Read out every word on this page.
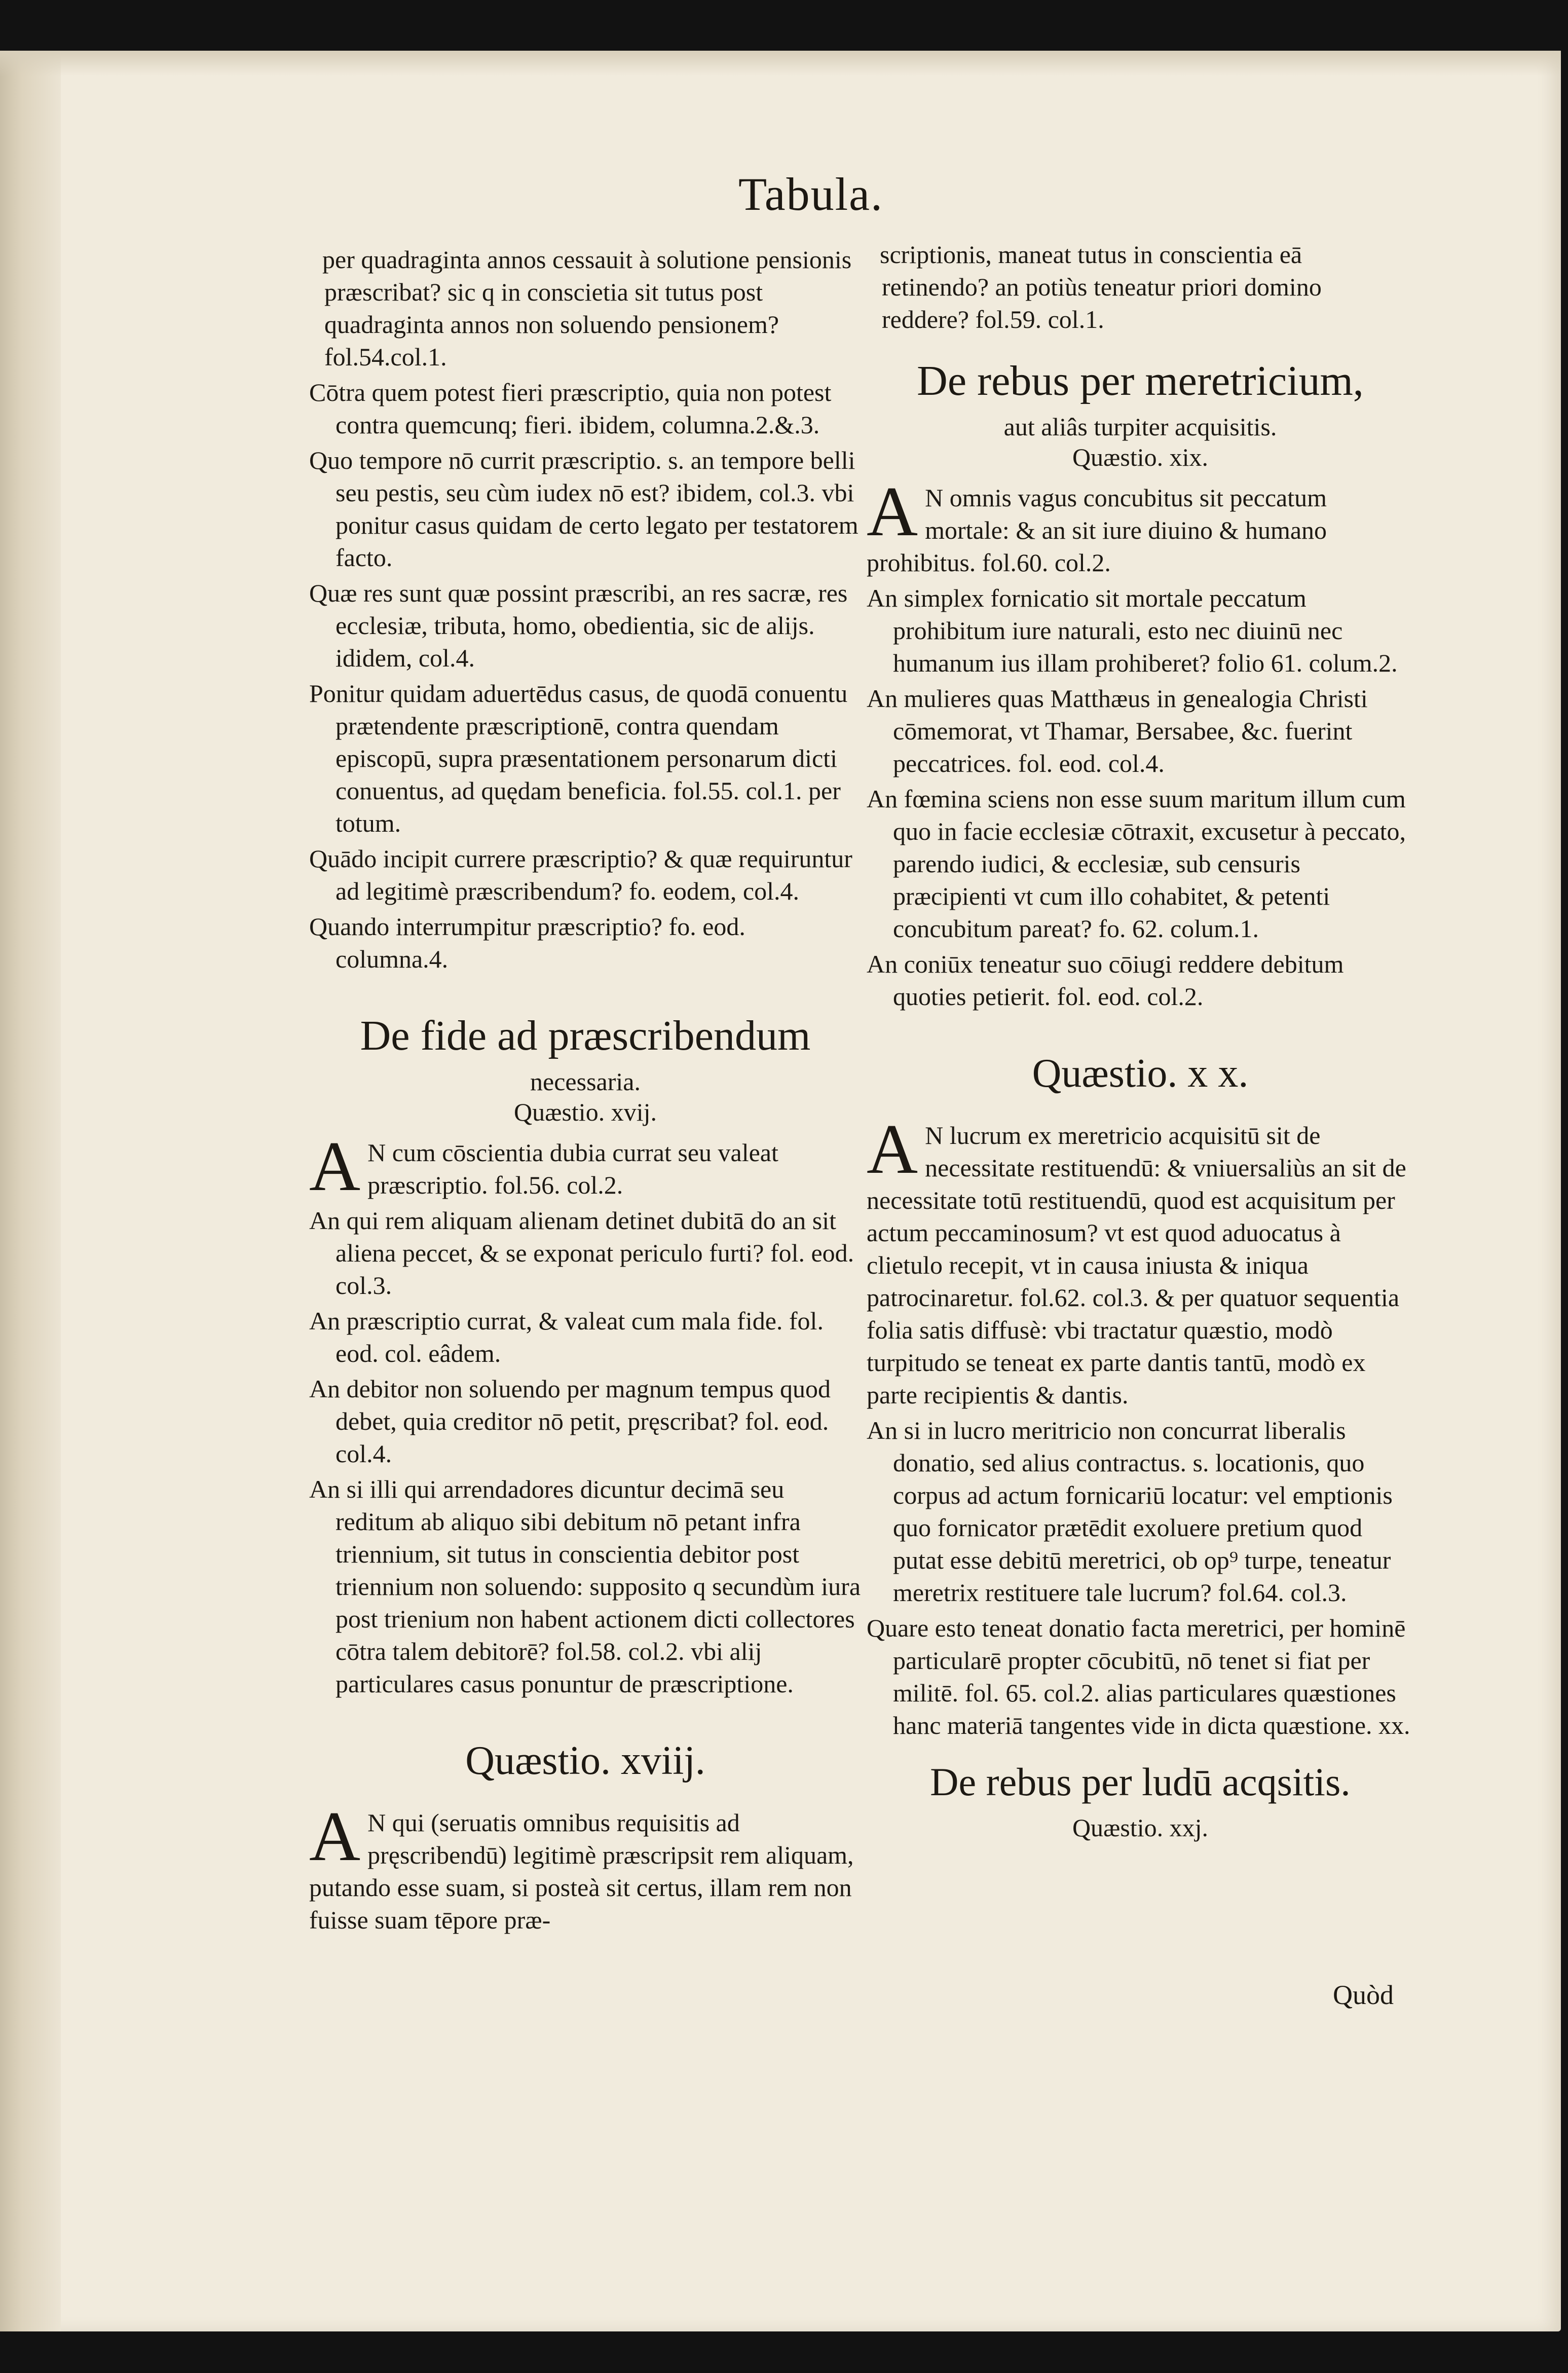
Tabula.

per quadraginta annos cessauit à solutione pensionis præscribat? sic q in conscietia sit tutus post quadraginta annos non soluendo pensionem? fol.54.col.1.

Cōtra quem potest fieri præscriptio, quia non potest contra quemcunq; fieri. ibidem, columna.2.&.3.

Quo tempore nō currit præscriptio. s. an tempore belli seu pestis, seu cùm iudex nō est? ibidem, col.3. vbi ponitur casus quidam de certo legato per testatorem facto.

Quæ res sunt quæ possint præscribi, an res sacræ, res ecclesiæ, tributa, homo, obedientia, sic de alijs. ididem, col.4.

Ponitur quidam aduertēdus casus, de quodā conuentu prætendente præscriptionē, contra quendam episcopū, supra præsentationem personarum dicti conuentus, ad quędam beneficia. fol.55. col.1. per totum.

Quādo incipit currere præscriptio? & quæ requiruntur ad legitimè præscribendum? fo. eodem, col.4.

Quando interrumpitur præscriptio? fo. eod. columna.4.

De fide ad præscribendum

necessaria.

Quæstio. xvij.

A N cum cōscientia dubia currat seu valeat præscriptio. fol.56. col.2.

An qui rem aliquam alienam detinet dubitā do an sit aliena peccet, & se exponat periculo furti? fol. eod. col.3.

An præscriptio currat, & valeat cum mala fide. fol. eod. col. eâdem.

An debitor non soluendo per magnum tempus quod debet, quia creditor nō petit, pręscribat? fol. eod. col.4.

An si illi qui arrendadores dicuntur decimā seu reditum ab aliquo sibi debitum nō petant infra triennium, sit tutus in conscientia debitor post triennium non soluendo: supposito q secundùm iura post trienium non habent actionem dicti collectores cōtra talem debitorē? fol.58. col.2. vbi alij particulares casus ponuntur de præscriptione.

Quæstio. xviij.
A N qui (seruatis omnibus requisitis ad pręscribendū) legitimè præscripsit rem aliquam, putando esse suam, si posteà sit certus, illam rem non fuisse suam tēpore præ-

scriptionis, maneat tutus in conscientia eā retinendo? an potiùs teneatur priori domino reddere? fol.59. col.1.

De rebus per meretricium,

aut aliâs turpiter acquisitis.

Quæstio. xix.

A N omnis vagus concubitus sit peccatum mortale: & an sit iure diuino & humano prohibitus. fol.60. col.2.

An simplex fornicatio sit mortale peccatum prohibitum iure naturali, esto nec diuinū nec humanum ius illam prohiberet? folio 61. colum.2.

An mulieres quas Matthæus in genealogia Christi cōmemorat, vt Thamar, Bersabee, &c. fuerint peccatrices. fol. eod. col.4.

An fœmina sciens non esse suum maritum illum cum quo in facie ecclesiæ cōtraxit, excusetur à peccato, parendo iudici, & ecclesiæ, sub censuris præcipienti vt cum illo cohabitet, & petenti concubitum pareat? fo. 62. colum.1.

An coniūx teneatur suo cōiugi reddere debitum quoties petierit. fol. eod. col.2.

Quæstio. x x.
A N lucrum ex meretricio acquisitū sit de necessitate restituendū: & vniuersaliùs an sit de necessitate totū restituendū, quod est acquisitum per actum peccaminosum? vt est quod aduocatus à clietulo recepit, vt in causa iniusta & iniqua patrocinaretur. fol.62. col.3. & per quatuor sequentia folia satis diffusè: vbi tractatur quæstio, modò turpitudo se teneat ex parte dantis tantū, modò ex parte recipientis & dantis.

An si in lucro meritricio non concurrat liberalis donatio, sed alius contractus. s. locationis, quo corpus ad actum fornicariū locatur: vel emptionis quo fornicator prætēdit exoluere pretium quod putat esse debitū meretrici, ob op⁹ turpe, teneatur meretrix restituere tale lucrum? fol.64. col.3.

Quare esto teneat donatio facta meretrici, per hominē particularē propter cōcubitū, nō tenet si fiat per militē. fol. 65. col.2. alias particulares quæstiones hanc materiā tangentes vide in dicta quæstione. xx.

De rebus per ludū acqsitis.

Quæstio. xxj.

Quòd
